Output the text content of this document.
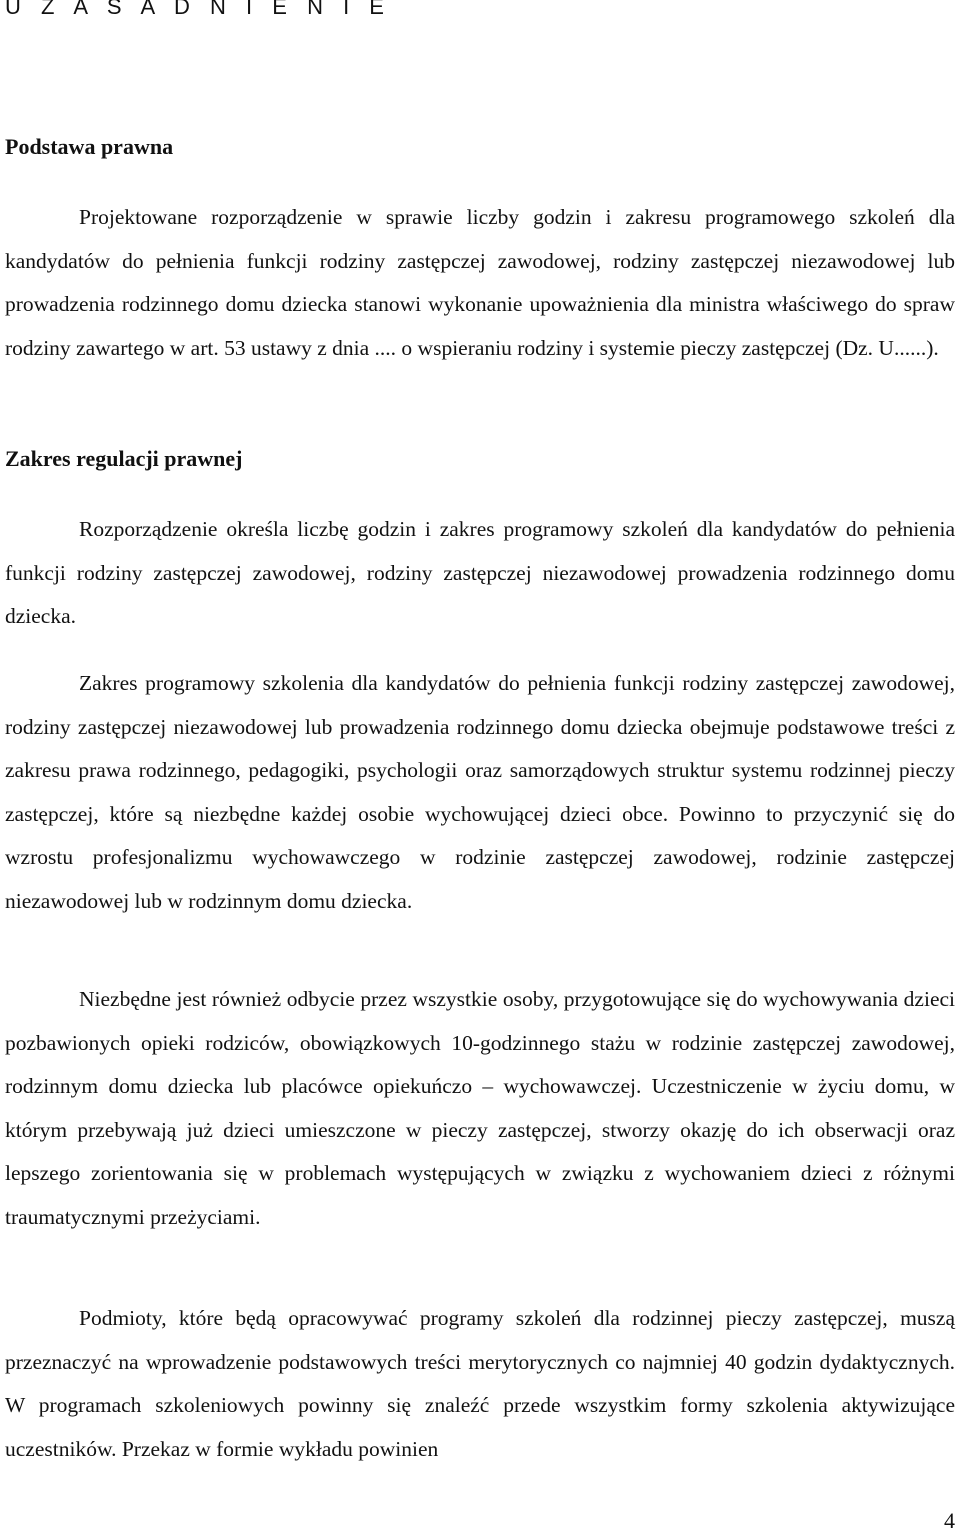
U Z A S A D N I E N I E
Podstawa prawna

Projektowane rozporządzenie w sprawie liczby godzin i zakresu programowego szkoleń dla kandydatów do pełnienia funkcji rodziny zastępczej zawodowej, rodziny zastępczej niezawodowej lub prowadzenia rodzinnego domu dziecka stanowi wykonanie upoważnienia dla ministra właściwego do spraw rodziny zawartego w art. 53 ustawy z dnia .... o wspieraniu rodziny i systemie pieczy zastępczej (Dz. U......).

Zakres regulacji prawnej

Rozporządzenie określa liczbę godzin i zakres programowy szkoleń dla kandydatów do pełnienia funkcji rodziny zastępczej zawodowej, rodziny zastępczej niezawodowej prowadzenia rodzinnego domu dziecka.

Zakres programowy szkolenia dla kandydatów do pełnienia funkcji rodziny zastępczej zawodowej, rodziny zastępczej niezawodowej lub prowadzenia rodzinnego domu dziecka obejmuje podstawowe treści z zakresu prawa rodzinnego, pedagogiki, psychologii oraz samorządowych struktur systemu rodzinnej pieczy zastępczej, które są niezbędne każdej osobie wychowującej dzieci obce. Powinno to przyczynić się do wzrostu profesjonalizmu wychowawczego w rodzinie zastępczej zawodowej, rodzinie zastępczej niezawodowej lub w rodzinnym domu dziecka.

Niezbędne jest również odbycie przez wszystkie osoby, przygotowujące się do wychowywania dzieci pozbawionych opieki rodziców, obowiązkowych 10-godzinnego stażu w rodzinie zastępczej zawodowej, rodzinnym domu dziecka lub placówce opiekuńczo – wychowawczej. Uczestniczenie w życiu domu, w którym przebywają już dzieci umieszczone w pieczy zastępczej, stworzy okazję do ich obserwacji oraz lepszego zorientowania się w problemach występujących w związku z wychowaniem dzieci z różnymi traumatycznymi przeżyciami.

Podmioty, które będą opracowywać programy szkoleń dla rodzinnej pieczy zastępczej, muszą przeznaczyć na wprowadzenie podstawowych treści merytorycznych co najmniej 40 godzin dydaktycznych. W programach szkoleniowych powinny się znaleźć przede wszystkim formy szkolenia aktywizujące uczestników. Przekaz w formie wykładu powinien

4
